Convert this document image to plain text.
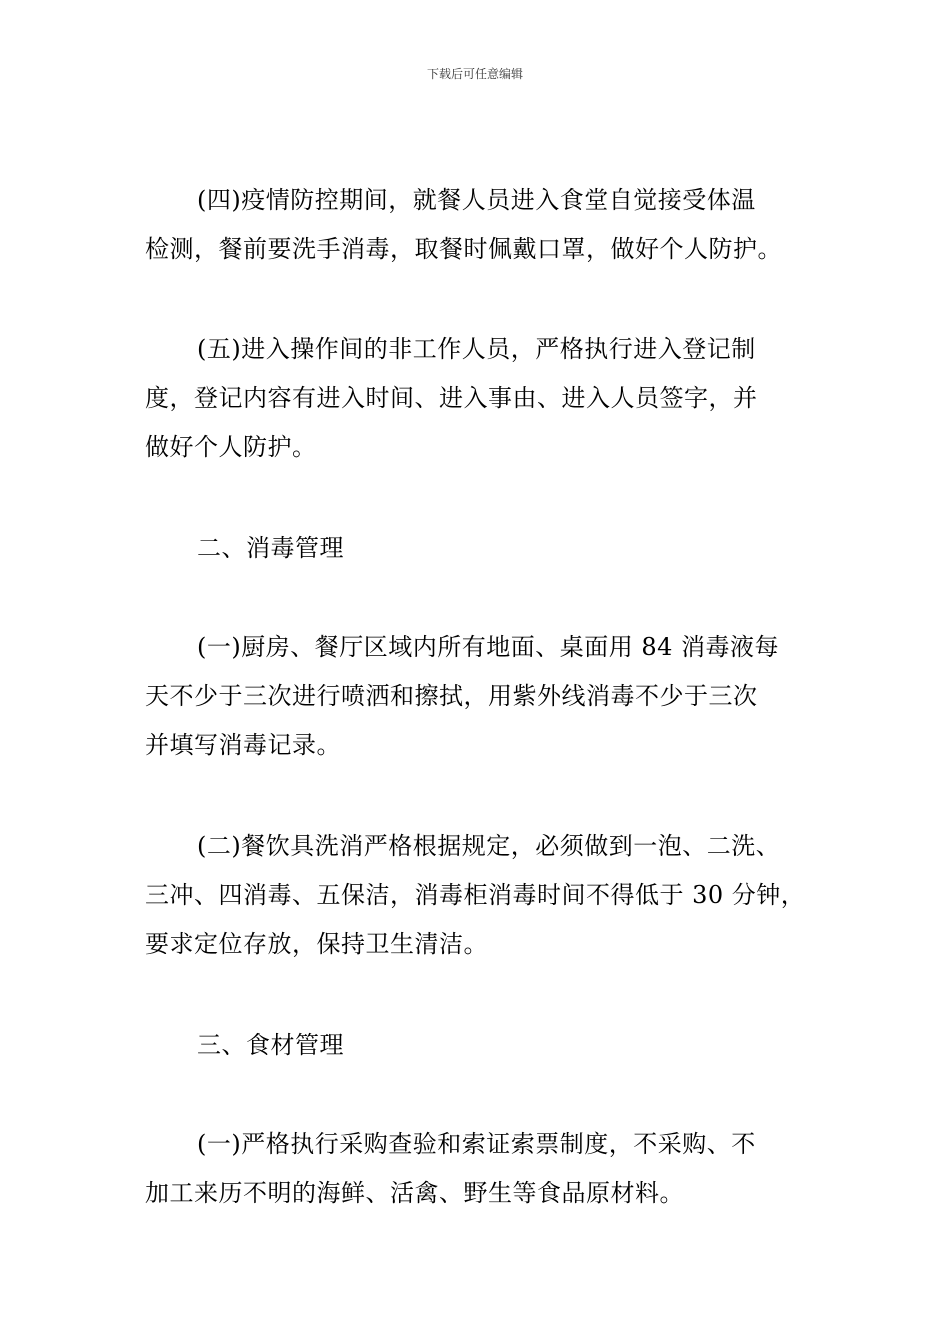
下载后可任意编辑
(四)疫情防控期间，就餐人员进入食堂自觉接受体温
检测，餐前要洗手消毒，取餐时佩戴口罩，做好个人防护。
(五)进入操作间的非工作人员，严格执行进入登记制
度，登记内容有进入时间、进入事由、进入人员签字，并
做好个人防护。
二、消毒管理
(一)厨房、餐厅区域内所有地面、桌面用 84 消毒液每
天不少于三次进行喷洒和擦拭，用紫外线消毒不少于三次
并填写消毒记录。
(二)餐饮具洗消严格根据规定，必须做到一泡、二洗、
三冲、四消毒、五保洁，消毒柜消毒时间不得低于 30 分钟，
要求定位存放，保持卫生清洁。
三、食材管理
(一)严格执行采购查验和索证索票制度，不采购、不
加工来历不明的海鲜、活禽、野生等食品原材料。
